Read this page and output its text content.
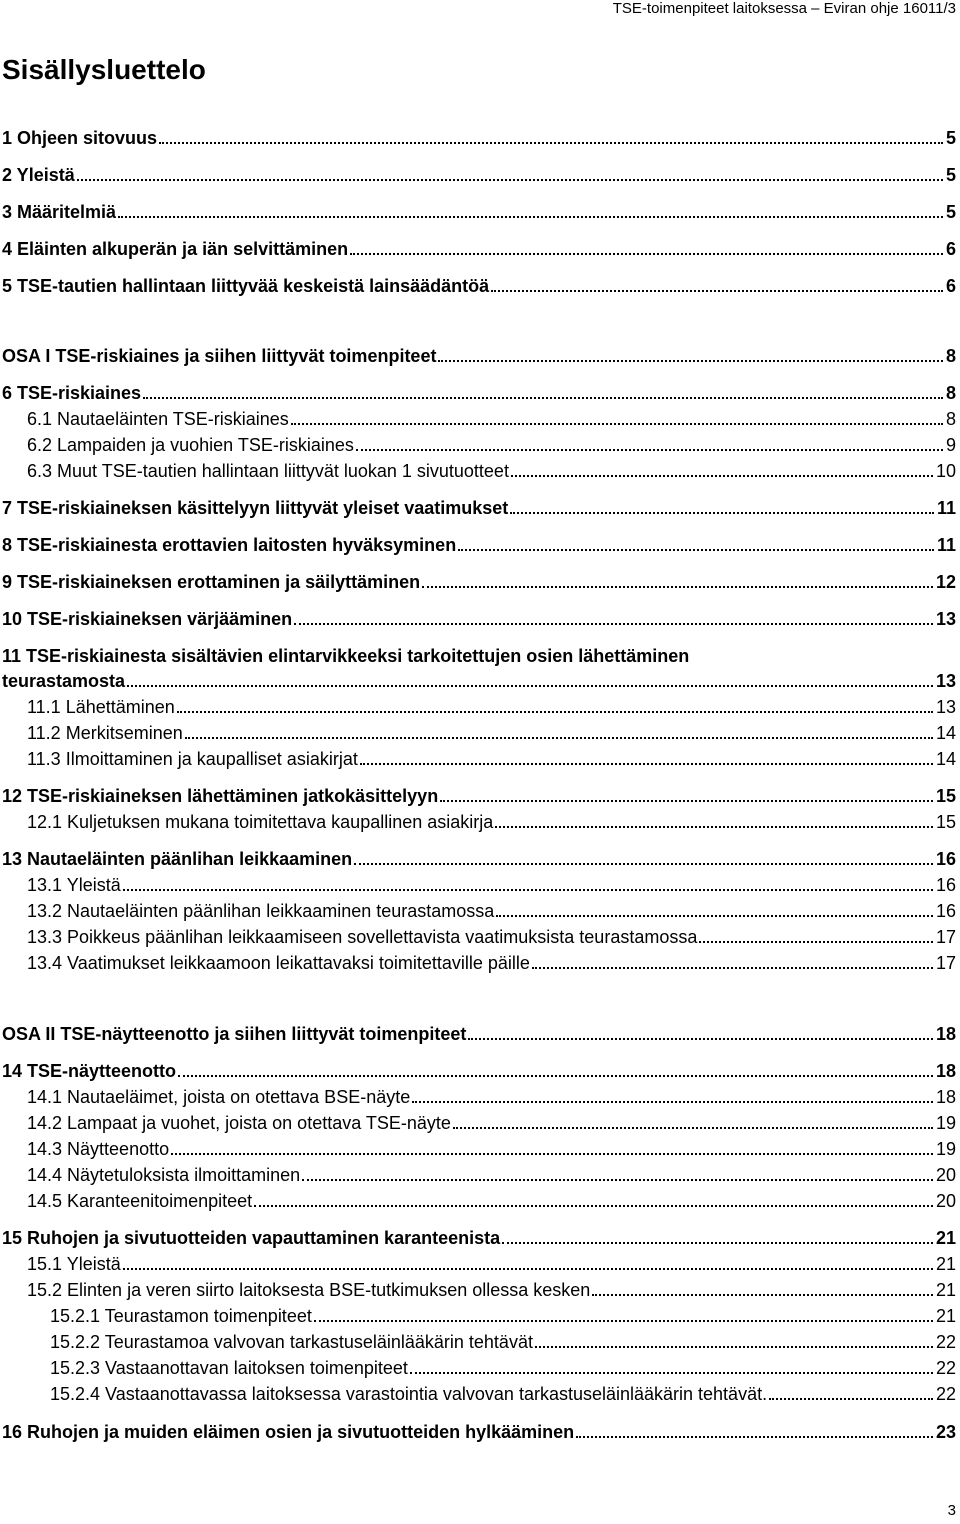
TSE-toimenpiteet laitoksessa – Eviran ohje 16011/3
Sisällysluettelo
1 Ohjeen sitovuus	5
2 Yleistä	5
3 Määritelmiä	5
4 Eläinten alkuperän ja iän selvittäminen	6
5 TSE-tautien hallintaan liittyvää keskeistä lainsäädäntöä	6
OSA I TSE-riskiaines ja siihen liittyvät toimenpiteet	8
6 TSE-riskiaines	8
6.1 Nautaeläinten TSE-riskiaines	8
6.2 Lampaiden ja vuohien TSE-riskiaines	9
6.3 Muut TSE-tautien hallintaan liittyvät luokan 1 sivutuotteet	10
7 TSE-riskiaineksen käsittelyyn liittyvät yleiset vaatimukset	11
8 TSE-riskiainesta erottavien laitosten hyväksyminen	11
9 TSE-riskiaineksen erottaminen ja säilyttäminen	12
10 TSE-riskiaineksen värjääminen	13
11 TSE-riskiainesta sisältävien elintarvikkeeksi tarkoitettujen osien lähettäminen
teurastamosta	13
11.1 Lähettäminen	13
11.2 Merkitseminen	14
11.3 Ilmoittaminen ja kaupalliset asiakirjat	14
12 TSE-riskiaineksen lähettäminen jatkokäsittelyyn	15
12.1 Kuljetuksen mukana toimitettava kaupallinen asiakirja	15
13 Nautaeläinten päänlihan leikkaaminen	16
13.1 Yleistä	16
13.2 Nautaeläinten päänlihan leikkaaminen teurastamossa	16
13.3 Poikkeus päänlihan leikkaamiseen sovellettavista vaatimuksista teurastamossa	17
13.4 Vaatimukset leikkaamoon leikattavaksi toimitettaville päille	17
OSA II TSE-näytteenotto ja siihen liittyvät toimenpiteet	18
14 TSE-näytteenotto	18
14.1 Nautaeläimet, joista on otettava BSE-näyte	18
14.2 Lampaat ja vuohet, joista on otettava TSE-näyte	19
14.3 Näytteenotto	19
14.4 Näytetuloksista ilmoittaminen	20
14.5 Karanteenitoimenpiteet	20
15 Ruhojen ja sivutuotteiden vapauttaminen karanteenista	21
15.1 Yleistä	21
15.2 Elinten ja veren siirto laitoksesta BSE-tutkimuksen ollessa kesken	21
15.2.1 Teurastamon toimenpiteet	21
15.2.2 Teurastamoa valvovan tarkastuseläinlääkärin tehtävät	22
15.2.3 Vastaanottavan laitoksen toimenpiteet	22
15.2.4 Vastaanottavassa laitoksessa varastointia valvovan tarkastuseläinlääkärin tehtävät.	22
16 Ruhojen ja muiden eläimen osien ja sivutuotteiden hylkääminen	23
3
